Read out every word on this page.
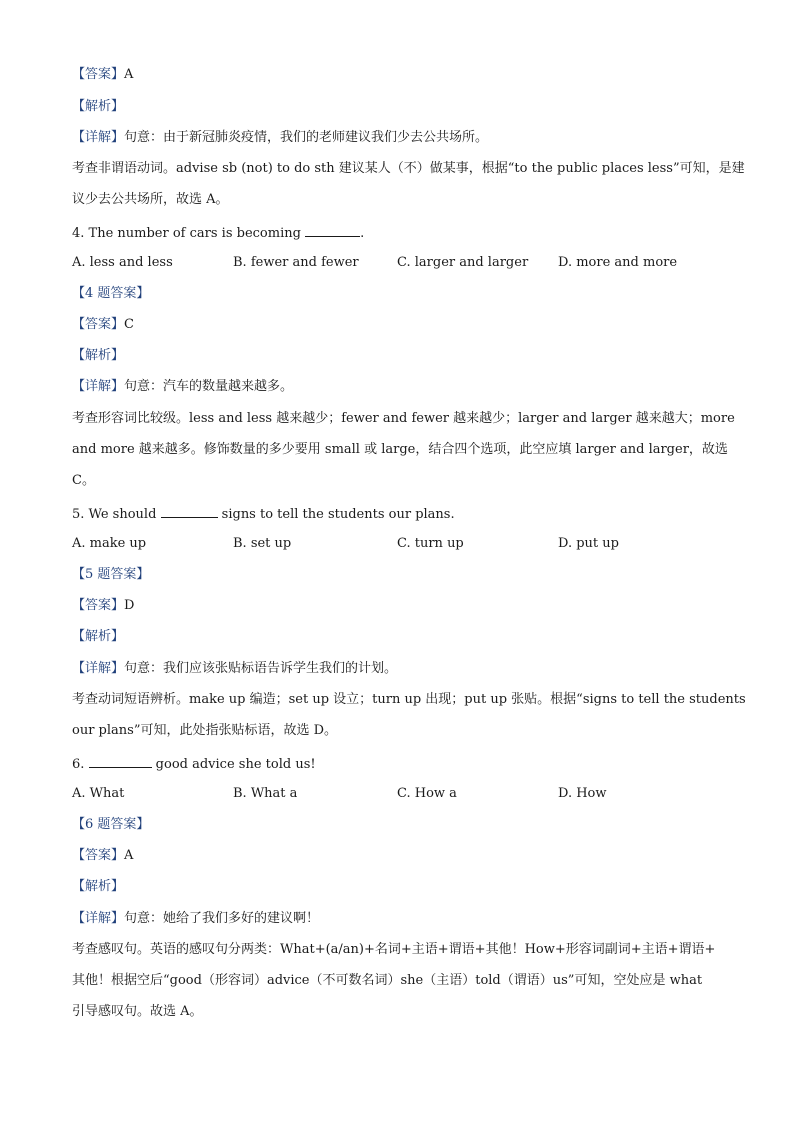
【答案】A
【解析】
【详解】句意：由于新冠肺炎疫情，我们的老师建议我们少去公共场所。
考查非谓语动词。advise sb (not) to do sth 建议某人（不）做某事，根据“to the public places less”可知，是建
议少去公共场所，故选 A。
4. The number of cars is becoming	.
A. less and less	B. fewer and fewer	C. larger and larger D. more and more
【4 题答案】
【答案】C
【解析】
【详解】句意：汽车的数量越来越多。
考查形容词比较级。less and less 越来越少；fewer and fewer 越来越少；larger and larger 越来越大；more
and more 越来越多。修饰数量的多少要用 small 或 large，结合四个选项，此空应填 larger and larger，故选
C。
5. We should	signs to tell the students our plans.
A. make up	B. set up	C. turn up	D. put up
【5 题答案】
【答案】D
【解析】
【详解】句意：我们应该张贴标语告诉学生我们的计划。
考查动词短语辨析。make up 编造；set up 设立；turn up 出现；put up 张贴。根据“signs to tell the students
our plans”可知，此处指张贴标语，故选 D。
6.	good advice she told us!
A. What	B. What a	C. How a	D. How
【6 题答案】
【答案】A
【解析】
【详解】句意：她给了我们多好的建议啊！
考查感叹句。英语的感叹句分两类：What+(a/an)+名词+主语+谓语+其他！How+形容词副词+主语+谓语+
其他！根据空后“good（形容词）advice（不可数名词）she（主语）told（谓语）us”可知，空处应是 what
引导感叹句。故选 A。
